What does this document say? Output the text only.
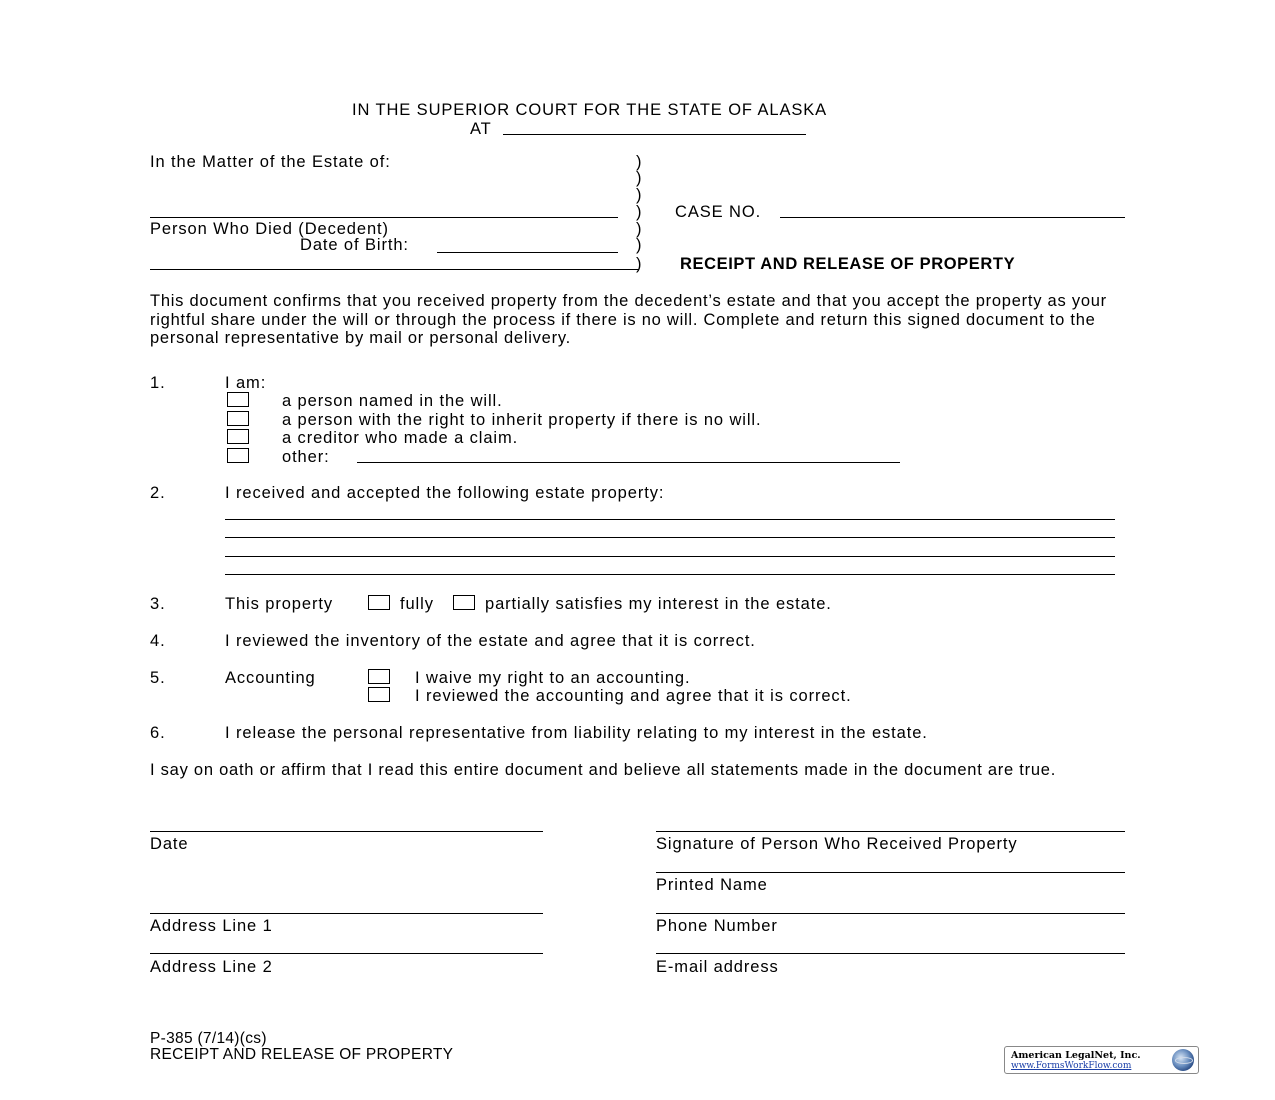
IN THE SUPERIOR COURT FOR THE STATE OF ALASKA
AT
In the Matter of the Estate of:
Person Who Died (Decedent)
Date of Birth:
)
)
)
)
)
)
)
CASE NO.
RECEIPT AND RELEASE OF PROPERTY
This document confirms that you received property from the decedent’s estate and that you accept the property as your rightful share under the will or through the process if there is no will. Complete and return this signed document to the personal representative by mail or personal delivery.
1.	I am:
a person named in the will.
a person with the right to inherit property if there is no will.
a creditor who made a claim.
other:
2.	I received and accepted the following estate property:
3.	This property	fully	partially satisfies my interest in the estate.
4.	I reviewed the inventory of the estate and agree that it is correct.
5.	Accounting	I waive my right to an accounting.
I reviewed the accounting and agree that it is correct.
6.	I release the personal representative from liability relating to my interest in the estate.
I say on oath or affirm that I read this entire document and believe all statements made in the document are true.
Date	Signature of Person Who Received Property
Printed Name
Address Line 1	Phone Number
Address Line 2	E-mail address
P-385 (7/14)(cs)
RECEIPT AND RELEASE OF PROPERTY	American LegalNet, Inc.
www.FormsWorkFlow.com
